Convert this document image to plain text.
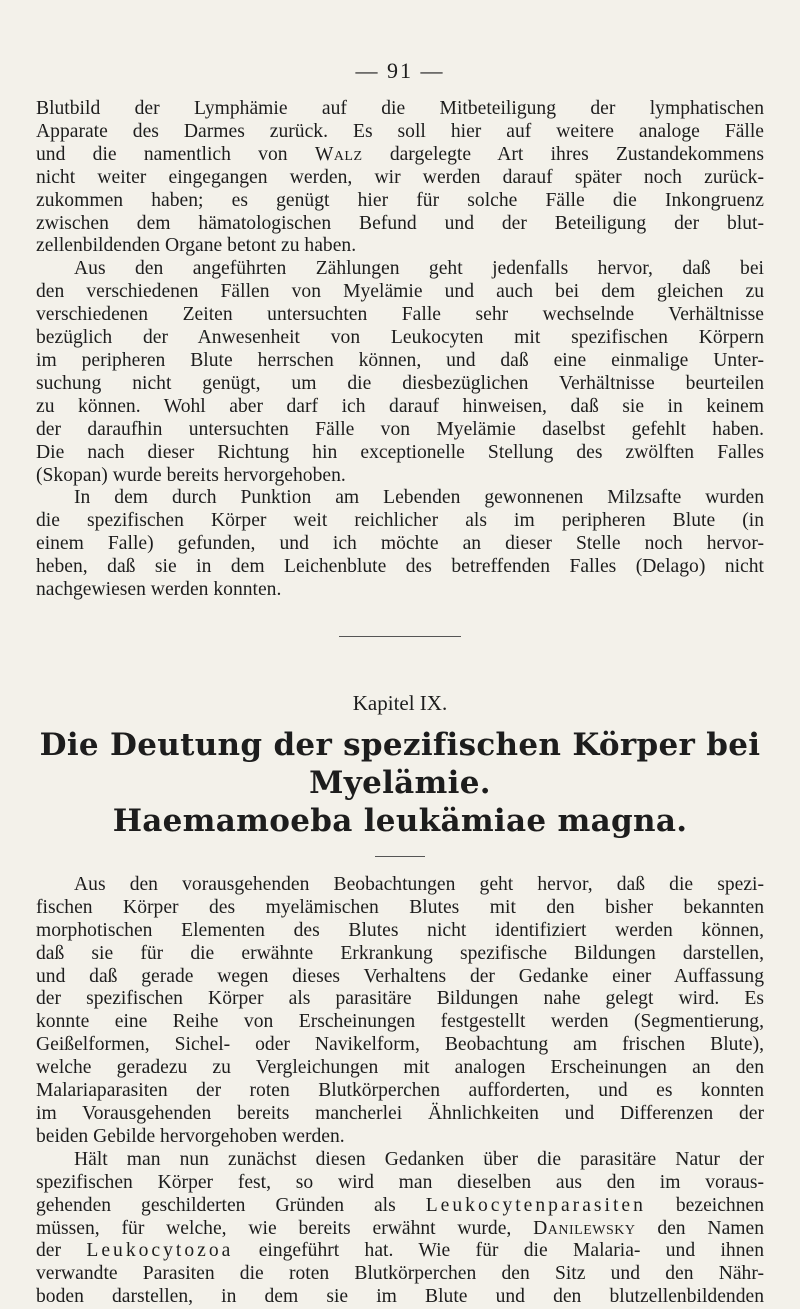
— 91 —
Blutbild der Lymphämie auf die Mitbeteiligung der lymphatischen
Apparate des Darmes zurück. Es soll hier auf weitere analoge Fälle
und die namentlich von Walz dargelegte Art ihres Zustandekommens
nicht weiter eingegangen werden, wir werden darauf später noch zurück-
zukommen haben; es genügt hier für solche Fälle die Inkongruenz
zwischen dem hämatologischen Befund und der Beteiligung der blut-
zellenbildenden Organe betont zu haben.
Aus den angeführten Zählungen geht jedenfalls hervor, daß bei
den verschiedenen Fällen von Myelämie und auch bei dem gleichen zu
verschiedenen Zeiten untersuchten Falle sehr wechselnde Verhältnisse
bezüglich der Anwesenheit von Leukocyten mit spezifischen Körpern
im peripheren Blute herrschen können, und daß eine einmalige Unter-
suchung nicht genügt, um die diesbezüglichen Verhältnisse beurteilen
zu können. Wohl aber darf ich darauf hinweisen, daß sie in keinem
der daraufhin untersuchten Fälle von Myelämie daselbst gefehlt haben.
Die nach dieser Richtung hin exceptionelle Stellung des zwölften Falles
(Skopan) wurde bereits hervorgehoben.
In dem durch Punktion am Lebenden gewonnenen Milzsafte wurden
die spezifischen Körper weit reichlicher als im peripheren Blute (in
einem Falle) gefunden, und ich möchte an dieser Stelle noch hervor-
heben, daß sie in dem Leichenblute des betreffenden Falles (Delago) nicht
nachgewiesen werden konnten.
Kapitel IX.
Die Deutung der spezifischen Körper bei Myelämie.
Haemamoeba leukämiae magna.
Aus den vorausgehenden Beobachtungen geht hervor, daß die spezi-
fischen Körper des myelämischen Blutes mit den bisher bekannten
morphotischen Elementen des Blutes nicht identifiziert werden können,
daß sie für die erwähnte Erkrankung spezifische Bildungen darstellen,
und daß gerade wegen dieses Verhaltens der Gedanke einer Auffassung
der spezifischen Körper als parasitäre Bildungen nahe gelegt wird. Es
konnte eine Reihe von Erscheinungen festgestellt werden (Segmentierung,
Geißelformen, Sichel- oder Navikelform, Beobachtung am frischen Blute),
welche geradezu zu Vergleichungen mit analogen Erscheinungen an den
Malariaparasiten der roten Blutkörperchen aufforderten, und es konnten
im Vorausgehenden bereits mancherlei Ähnlichkeiten und Differenzen der
beiden Gebilde hervorgehoben werden.
Hält man nun zunächst diesen Gedanken über die parasitäre Natur der
spezifischen Körper fest, so wird man dieselben aus den im voraus-
gehenden geschilderten Gründen als Leukocytenparasiten bezeichnen
müssen, für welche, wie bereits erwähnt wurde, Danilewsky den Namen
der Leukocytozoa eingeführt hat. Wie für die Malaria- und ihnen
verwandte Parasiten die roten Blutkörperchen den Sitz und den Nähr-
boden darstellen, in dem sie im Blute und den blutzellenbildenden
